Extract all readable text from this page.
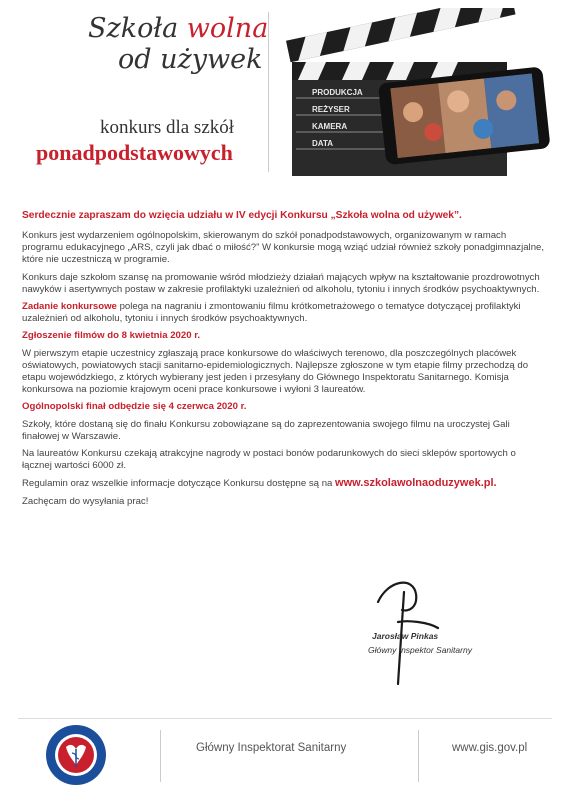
Szkoła wolna
od używek
konkurs dla szkół
ponadpodstawowych
PRODUKCJA
REŻYSER
KAMERA
DATA
Serdecznie zapraszam do wzięcia udziału w IV edycji Konkursu „Szkoła wolna od używek”.

Konkurs jest wydarzeniem ogólnopolskim, skierowanym do szkół ponadpodstawowych, organizowanym w ramach programu edukacyjnego „ARS, czyli jak dbać o miłość?” W konkursie mogą wziąć udział również szkoły ponadgimnazjalne, które nie uczestniczą w programie.

Konkurs daje szkołom szansę na promowanie wśród młodzieży działań mających wpływ na kształtowanie prozdrowotnych nawyków i asertywnych postaw w zakresie profilaktyki uzależnień od alkoholu, tytoniu i innych środków psychoaktywnych.

Zadanie konkursowe polega na nagraniu i zmontowaniu filmu krótkometrażowego o tematyce dotyczącej profilaktyki uzależnień od alkoholu, tytoniu i innych środków psychoaktywnych.

Zgłoszenie filmów do 8 kwietnia 2020 r.

W pierwszym etapie uczestnicy zgłaszają prace konkursowe do właściwych terenowo, dla poszczególnych placówek oświatowych, powiatowych stacji sanitarno-epidemiologicznych. Najlepsze zgłoszone w tym etapie filmy przechodzą do etapu wojewódzkiego, z których wybierany jest jeden i przesyłany do Głównego Inspektoratu Sanitarnego. Komisja konkursowa na poziomie krajowym oceni prace konkursowe i wyłoni 3 laureatów.

Ogólnopolski finał odbędzie się 4 czerwca 2020 r.

Szkoły, które dostaną się do finału Konkursu zobowiązane są do zaprezentowania swojego filmu na uroczystej Gali finałowej w Warszawie.

Na laureatów Konkursu czekają atrakcyjne nagrody w postaci bonów podarunkowych do sieci sklepów sportowych o łącznej wartości 6000 zł.

Regulamin oraz wszelkie informacje dotyczące Konkursu dostępne są na www.szkolawolnaoduzywek.pl.

Zachęcam do wysyłania prac!

Jarosław Pinkas
Główny Inspektor Sanitarny
Główny Inspektorat Sanitarny	www.gis.gov.pl
